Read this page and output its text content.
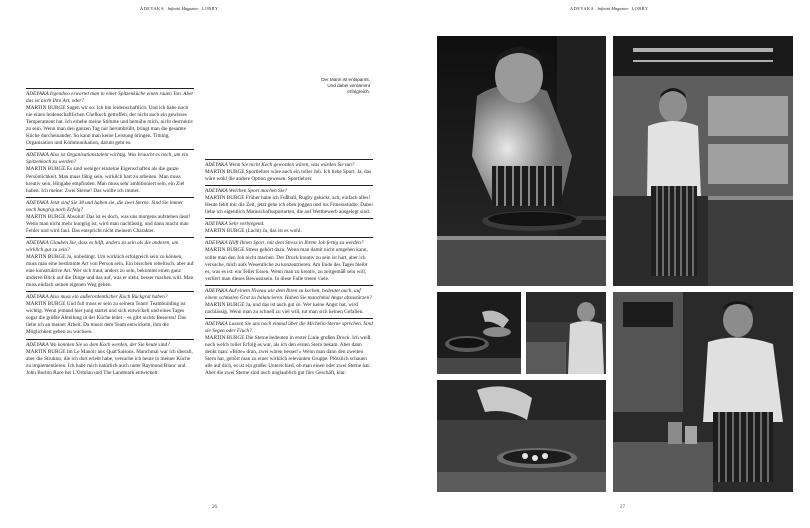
ADEYAKA Infinitii Magazine LOBBY

ADEYAKA Irgendwo erwartet man in einer Spitzenküche einen rauen Ton. Aber das ist nicht Ihre Art, oder?

MARTIN BURGE Sagen wir so: Ich bin leidenschaftlich. Und ich habe noch nie einen leidenschaftlichen Chefkoch getroffen, der nicht auch ein gewisses Temperament hat. Ich erhebe meine Stimme und bemühe mich, nicht destruktiv zu sein. Wenn man den ganzen Tag nur herumbrüllt, bringt man die gesamte Küche durcheinander. So kann man keine Leistung bringen. Timing, Organisation und Kommunikation, darum geht es.

ADEYAKA Also ist Organisationstalent wichtig. Was braucht es noch, um ein Spitzenkoch zu werden?

MARTIN BURGE Es sind weniger einzelne Eigenschaften als die ganze Persönlichkeit. Man muss fähig sein, wirklich hart zu arbeiten. Man muss kreativ sein. Hingabe empfinden. Man muss sehr ambitioniert sein, ein Ziel haben. Ich meine: Zwei Sterne! Das wollte ich immer.

ADEYAKA Jetzt sind Sie 38 und haben sie, die zwei Sterne. Sind Sie immer noch hungrig nach Erfolg?

MARTIN BURGE Absolut! Das ist es doch, was uns morgens aufstehen lässt! Wenn man nicht mehr hungrig ist, wird man nachlässig, und dann macht man Fehler und wird faul. Das entspricht nicht meinem Charakter.

ADEYAKA Glauben Sie, dass es hilft, anders zu sein als die anderen, um wirklich gut zu sein?

MARTIN BURGE Ja, unbedingt. Um wirklich erfolgreich sein zu können, muss man eine bestimmte Art von Person sein. Ein bisschen rebellisch, aber auf eine konstruktive Art. Wer sich traut, anders zu sein, bekommt einen ganz anderen Blick auf die Dinge und das auf, was er sieht, besser machen will. Man muss einfach seinen eigenen Weg gehen.

ADEYAKA Also muss ein außerordentlicher Koch Rückgrat haben?

MARTIN BURGE Und full muss er sein zu seinem Team! Teambuilding ist wichtig. Wenn jemand hier jung startet und sich entwickelt und eines Tages sogar die größte Abteilung in der Küche leitet – es gibt nichts Besseres! Das liebe ich an meiner Arbeit. Da musst dem Team entwickeln, ihm die Möglichkeit geben zu wachsen.

ADEYAKA Wo konnten Sie so dem Koch werden, der Sie heute sind?

MARTIN BURGE Im Le Manoir aux Quat'Saisons. Manchmal war ich überall, aber die Struktur, die ich dort erlebt habe, versuche ich heute in meiner Küche zu implementieren. Ich habe mich natürlich auch unter Raymond Blanc und John Burton Race bei L'Ortolan und The Landmark entwickelt.

ADEYAKA Wenn Sie nicht Koch geworden wären, was würden Sie tun?

MARTIN BURGE Sportlehrer wäre auch ein toller Job. Ich liebe Sport. Ja, das wäre wohl die andere Option gewesen. Sportlehrer.

ADEYAKA Welchen Sport machen Sie?

MARTIN BURGE Früher habe ich Fußball, Rugby gekickt, ach, einfach alles! Heute fehlt mir die Zeit, jetzt gehe ich eben joggen und ins Fitnessstudio. Dabei liebe ich eigentlich Mannschaftssportarten, die auf Wettbewerb ausgelegt sind.

ADEYAKA Sehr verbiegend.

MARTIN BURGE (Lacht) Ja, das ist es wohl.

ADEYAKA Hilft Ihnen Sport, mit dem Stress in Ihrem Job fertig zu werden?

MARTIN BURGE Stress gehört dazu. Wenn man damit nicht umgehen kann, sollte man den Job nicht machen. Der Druck kreativ zu sein ist hart, aber ich versuche, mich aufs Wesentliche zu konzentrieren. Am Ende des Tages bleibt es, was es ist: ein Teller Essen. Wenn man zu kreativ, zu zeitgemäß sein will, verliert man dieses Bewusstsein. In diese Falle treten viele.

ADEYAKA Auf einem Niveau wie dem Ihren zu kochen, bedeutet auch, auf einem schmalen Grat zu balancieren. Haben Sie manchmal Angst abzustürzen?

MARTIN BURGE Ja, und das ist auch gut so. Wer keine Angst hat, wird nachlässig. Wenn man zu schnell zu viel will, tut man sich keinen Gefallen.

ADEYAKA Lassen Sie uns noch einmal über die Michelin-Sterne sprechen. Sind sie Segen oder Fluch?

MARTIN BURGE Die Sterne bedeuten in erster Linie großen Druck. Ich weiß noch welch toller Erfolg es war, als ich den ersten Stern bekam. Aber dann denkt man: »Bitte« dran, zwei wären besser!« Wenn man dann den zweiten Stern hat, gehört man zu einer wirklich relevanten Gruppe. Plötzlich schauen alle auf dich, es ist ein großer Unterschied, ob man einen oder zwei Sterne hat. Aber die zwei Sterne sind auch unglaublich gut fürs Geschäft, klar.

26
ADEYAKA Infinitii Magazine LOBBY
27
Der Mann ist entspannt. Und dabei verdammt erfolgreich.
